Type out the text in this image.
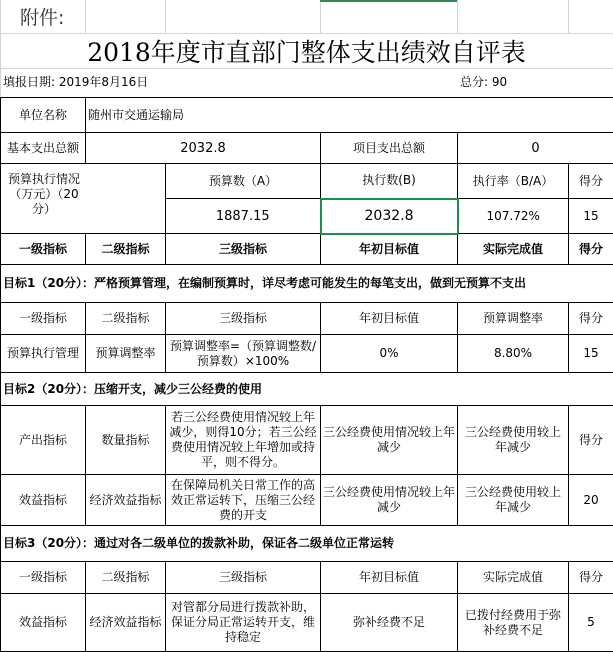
附件:
2018年度市直部门整体支出绩效自评表
填报日期: 2019年8月16日	总分: 90
单位名称	随州市交通运输局				
基本支出总额	2032.8		项目支出总额	0	

预算执行情况（万元）（20分）		预算数（A）	执行数(B)	执行率（B/A）	得分
		1887.15	2032.8	107.72%	15
一级指标	二级指标	三级指标	年初目标值	实际完成值	得分
目标1（20分）：严格预算管理，在编制预算时，详尽考虑可能发生的每笔支出，做到无预算不支出					
一级指标	二级指标	三级指标	年初目标值	预算调整率	得分
预算执行管理	预算调整率	预算调整率=（预算调整数/预算数）×100%	0%	8.80%	15
目标2（20分）：压缩开支，减少三公经费的使用					
产出指标	数量指标	若三公经费使用情况较上年减少，则得10分；若三公经费使用情况较上年增加或持平，则不得分。	三公经费使用情况较上年减少	三公经费使用较上年减少	得分
效益指标	经济效益指标	在保障局机关日常工作的高效正常运转下，压缩三公经费的开支	三公经费使用情况较上年减少	三公经费使用较上年减少	20
目标3（20分）：通过对各二级单位的拨款补助，保证各二级单位正常运转					
一级指标	二级指标	三级指标	年初目标值	实际完成值	得分
效益指标	经济效益指标	对管都分局进行拨款补助，保证分局正常运转开支，维持稳定	弥补经费不足	已拨付经费用于弥补经费不足	5
